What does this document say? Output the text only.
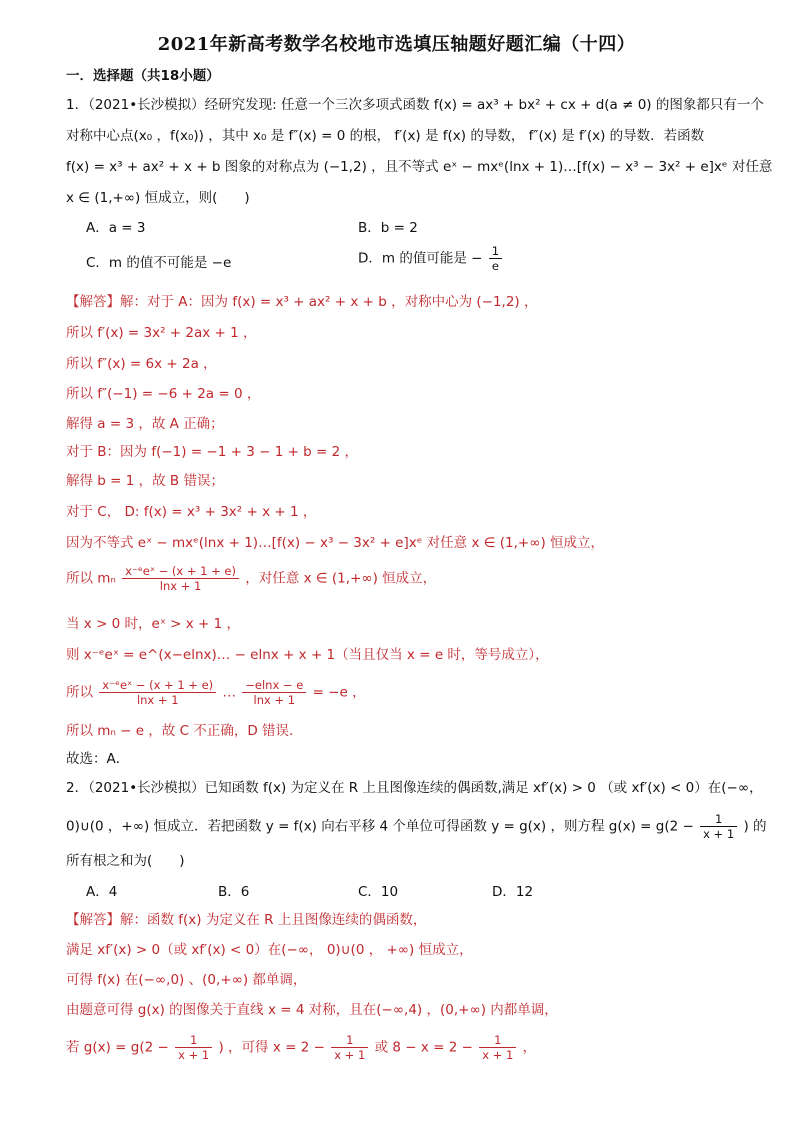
2021年新高考数学名校地市选填压轴题好题汇编（十四）
一．选择题（共18小题）
1．（2021•长沙模拟）经研究发现: 任意一个三次多项式函数 f(x) = ax³ + bx² + cx + d(a ≠ 0) 的图象都只有一个
对称中心点(x₀ ，f(x₀)) ，其中 x₀ 是 f″(x) = 0 的根， f′(x) 是 f(x) 的导数， f″(x) 是 f′(x) 的导数．若函数
f(x) = x³ + ax² + x + b 图象的对称点为 (−1,2) ，且不等式 eˣ − mxᵉ(lnx + 1)…[f(x) − x³ − 3x² + e]xᵉ 对任意
x ∈ (1,+∞) 恒成立，则(　　)
A．a = 3	B．b = 2
C．m 的值不可能是 −e	D．m 的值可能是 − $\frac{1}{e}$
【解答】解：对于 A：因为 f(x) = x³ + ax² + x + b ，对称中心为 (−1,2) ，
所以 f′(x) = 3x² + 2ax + 1 ，
所以 f″(x) = 6x + 2a ，
所以 f″(−1) = −6 + 2a = 0 ，
解得 a = 3 ，故 A 正确；
对于 B：因为 f(−1) = −1 + 3 − 1 + b = 2 ，
解得 b = 1 ，故 B 错误；
对于 C， D: f(x) = x³ + 3x² + x + 1 ，
因为不等式 eˣ − mxᵉ(lnx + 1)…[f(x) − x³ − 3x² + e]xᵉ 对任意 x ∈ (1,+∞) 恒成立，
所以 mₙ $\frac{\text{x⁻ᵉeˣ − (x + 1 + e)}}{\ln x + 1}$ ，对任意 x ∈ (1,+∞) 恒成立，
当 x > 0 时，eˣ > x + 1 ，
则 x⁻ᵉeˣ = e^(x−elnx)… − elnx + x + 1（当且仅当 x = e 时，等号成立），
所以 $\frac{\text{x⁻ᵉeˣ − (x + 1 + e)}}{\ln x + 1}$ … $\frac{-elnx - e}{\ln x + 1} = -e$ ，
所以 mₙ − e ，故 C 不正确，D 错误．
故选：A．
2．（2021•长沙模拟）已知函数 f(x) 为定义在 R 上且图像连续的偶函数,满足 xf′(x) > 0 （或 xf′(x) < 0）在(−∞，
0)∪(0 ，+∞) 恒成立．若把函数 y = f(x) 向右平移 4 个单位可得函数 y = g(x) ，则方程 $g(x) = g(2 - \frac{1}{x + 1}$ ) 的
所有根之和为(　　)
A．4	B．6	C．10	D．12
【解答】解：函数 f(x) 为定义在 R 上且图像连续的偶函数，
满足 xf′(x) > 0（或 xf′(x) < 0）在(−∞， 0)∪(0 ， +∞) 恒成立，
可得 f(x) 在(−∞,0) 、(0,+∞) 都单调，
由题意可得 g(x) 的图像关于直线 x = 4 对称，且在(−∞,4) ，(0,+∞) 内都单调，
若 $g(x) = g(2 - \frac{1}{x + 1}$ ) ，可得 $x = 2 - \frac{1}{x + 1}$ 或 $8 - x = 2 - \frac{1}{x + 1}$ ，
